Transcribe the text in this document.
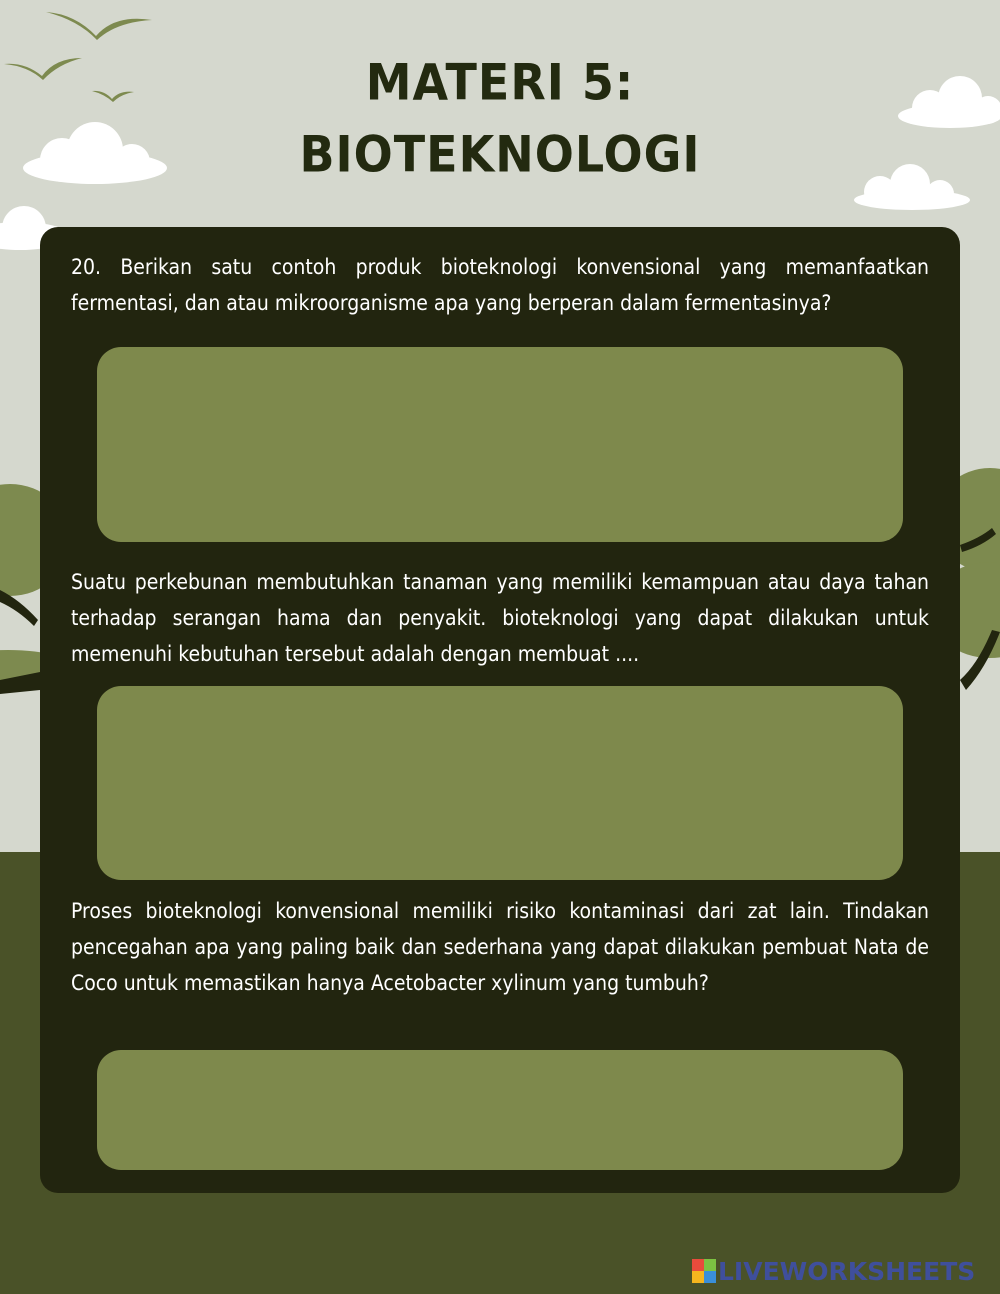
MATERI 5:
BIOTEKNOLOGI
20. Berikan satu contoh produk bioteknologi konvensional yang memanfaatkan fermentasi, dan atau mikroorganisme apa yang berperan dalam fermentasinya?
Suatu perkebunan membutuhkan tanaman yang memiliki kemampuan atau daya tahan terhadap serangan hama dan penyakit. bioteknologi yang dapat dilakukan untuk memenuhi kebutuhan tersebut adalah dengan membuat ....
Proses bioteknologi konvensional memiliki risiko kontaminasi dari zat lain. Tindakan pencegahan apa yang paling baik dan sederhana yang dapat dilakukan pembuat Nata de Coco untuk memastikan hanya Acetobacter xylinum yang tumbuh?
LIVEWORKSHEETS
